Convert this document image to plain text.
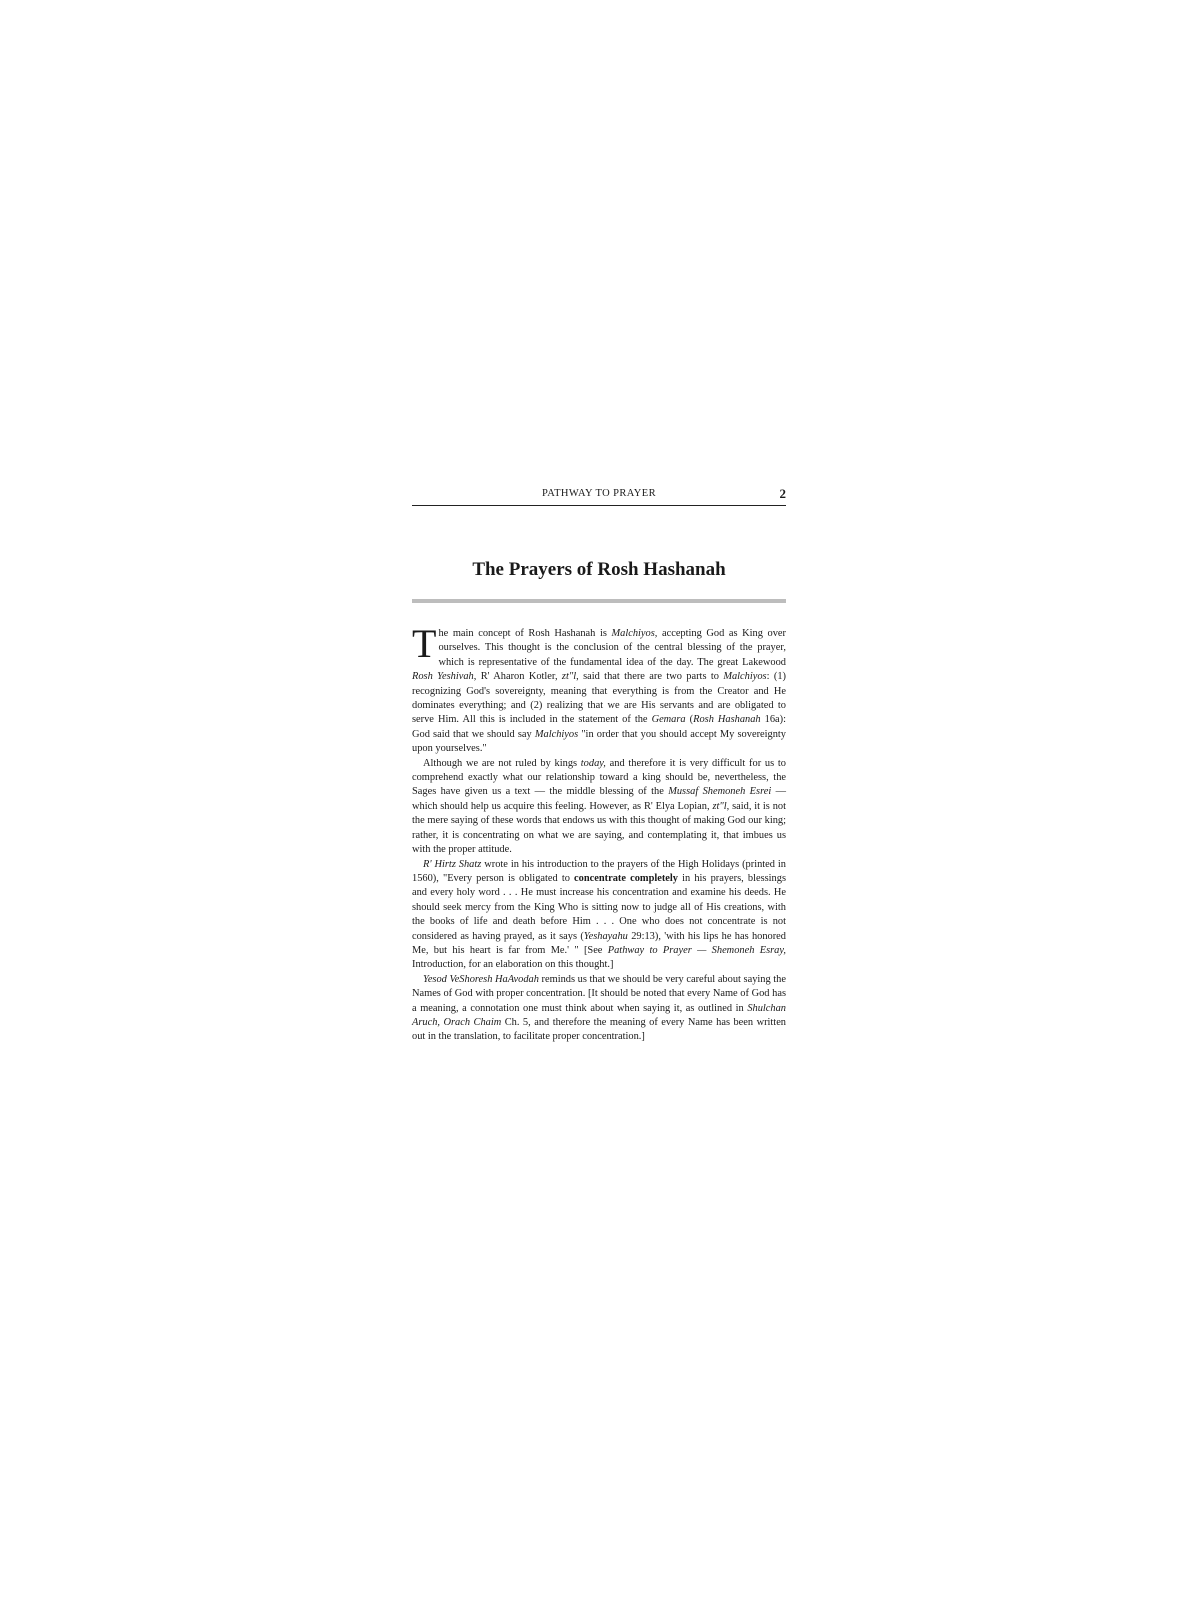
PATHWAY TO PRAYER	2
The Prayers of Rosh Hashanah

The main concept of Rosh Hashanah is Malchiyos, accepting God as King over ourselves. This thought is the conclusion of the central blessing of the prayer, which is representative of the fundamental idea of the day. The great Lakewood Rosh Yeshivah, R' Aharon Kotler, zt"l, said that there are two parts to Malchiyos: (1) recognizing God's sovereignty, meaning that everything is from the Creator and He dominates everything; and (2) realizing that we are His servants and are obligated to serve Him. All this is included in the statement of the Gemara (Rosh Hashanah 16a): God said that we should say Malchiyos "in order that you should accept My sovereignty upon yourselves."

Although we are not ruled by kings today, and therefore it is very difficult for us to comprehend exactly what our relationship toward a king should be, nevertheless, the Sages have given us a text — the middle blessing of the Mussaf Shemoneh Esrei — which should help us acquire this feeling. However, as R' Elya Lopian, zt"l, said, it is not the mere saying of these words that endows us with this thought of making God our king; rather, it is concentrating on what we are saying, and contemplating it, that imbues us with the proper attitude.

R' Hirtz Shatz wrote in his introduction to the prayers of the High Holidays (printed in 1560), "Every person is obligated to concentrate completely in his prayers, blessings and every holy word . . . He must increase his concentration and examine his deeds. He should seek mercy from the King Who is sitting now to judge all of His creations, with the books of life and death before Him . . . One who does not concentrate is not considered as having prayed, as it says (Yeshayahu 29:13), 'with his lips he has honored Me, but his heart is far from Me.' " [See Pathway to Prayer — Shemoneh Esray, Introduction, for an elaboration on this thought.]

Yesod VeShoresh HaAvodah reminds us that we should be very careful about saying the Names of God with proper concentration. [It should be noted that every Name of God has a meaning, a connotation one must think about when saying it, as outlined in Shulchan Aruch, Orach Chaim Ch. 5, and therefore the meaning of every Name has been written out in the translation, to facilitate proper concentration.]
